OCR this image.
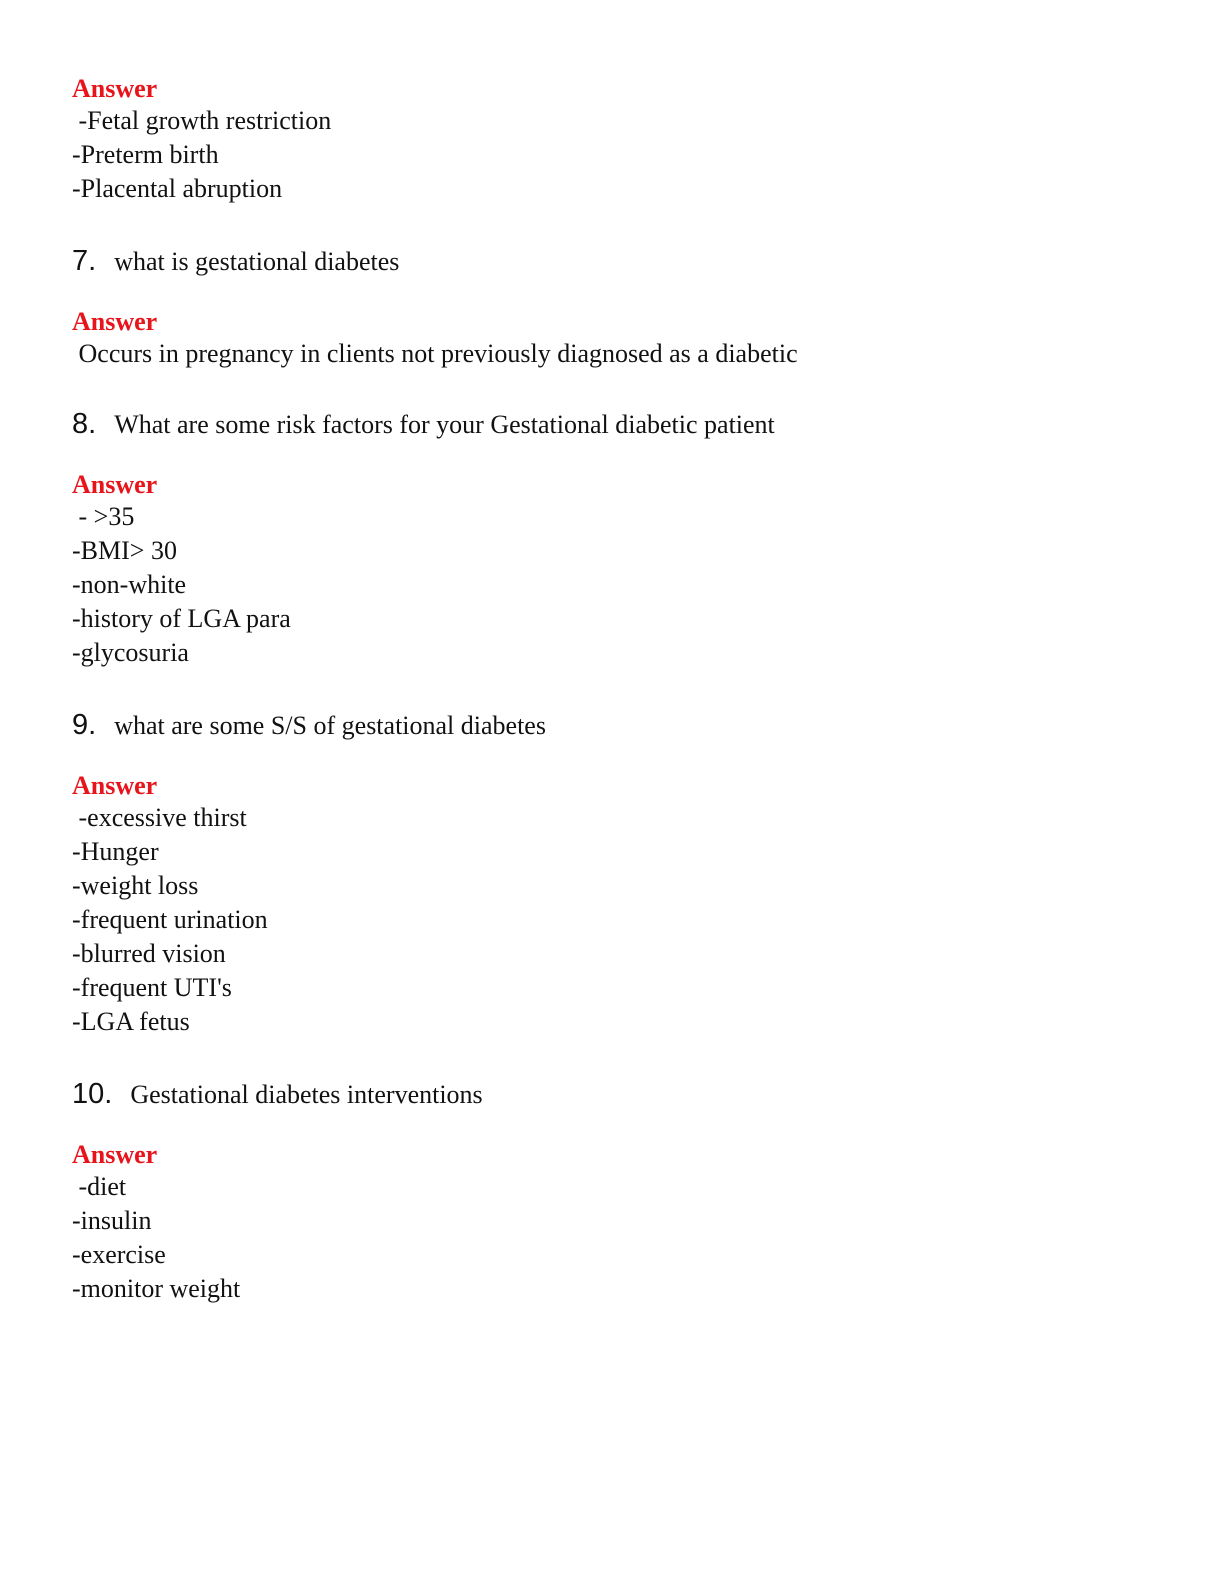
Answer
-Fetal growth restriction
-Preterm birth
-Placental abruption
7. what is gestational diabetes
Answer
Occurs in pregnancy in clients not previously diagnosed as a diabetic
8. What are some risk factors for your Gestational diabetic patient
Answer
- >35
-BMI> 30
-non-white
-history of LGA para
-glycosuria
9. what are some S/S of gestational diabetes
Answer
-excessive thirst
-Hunger
-weight loss
-frequent urination
-blurred vision
-frequent UTI's
-LGA fetus
10. Gestational diabetes interventions
Answer
-diet
-insulin
-exercise
-monitor weight
